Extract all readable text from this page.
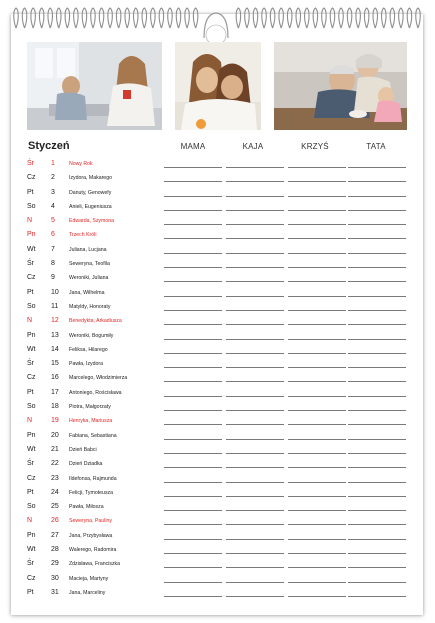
Styczeń	MAMA	KAJA	KRZYŚ	TATA
Śr 1	Nowy Rok
Cz 2	Izydora, Makarego
Pt 3	Danuty, Genowefy
So 4	Anieli, Eugeniusza
N	5	Edwarda, Szymona
Pn 6	Trzech Króli
Wt 7	Juliana, Lucjana
Śr 8	Seweryna, Teofila
Cz 9	Weroniki, Juliana
Pt 10	Jana, Wilhelma
So 11	Matyldy, Honoraty
N	12	Benedykta, Arkadiusza
Pn 13	Weroniki, Bogumiły
Wt 14	Feliksa, Hilarego
Śr 15	Pawła, Izydora
Cz 16	Marcelego, Włodzimierza
Pt 17	Antoniego, Rościsława
So 18	Piotra, Małgorzaty
N	19	Henryka, Mariusza
Pn 20	Fabiana, Sebastiana
Wt 21	Dzień Babci
Śr 22	Dzień Dziadka
Cz 23	Ildefonsa, Rajmunda
Pt 24	Felicji, Tymoteusza
So 25	Pawła, Miłosza
N	26	Seweryna, Pauliny
Pn 27	Jana, Przybysława
Wt 28	Walerego, Radomira
Śr 29	Zdzisława, Franciszka
Cz 30	Macieja, Martyny
Pt 31	Jana, Marceliny
